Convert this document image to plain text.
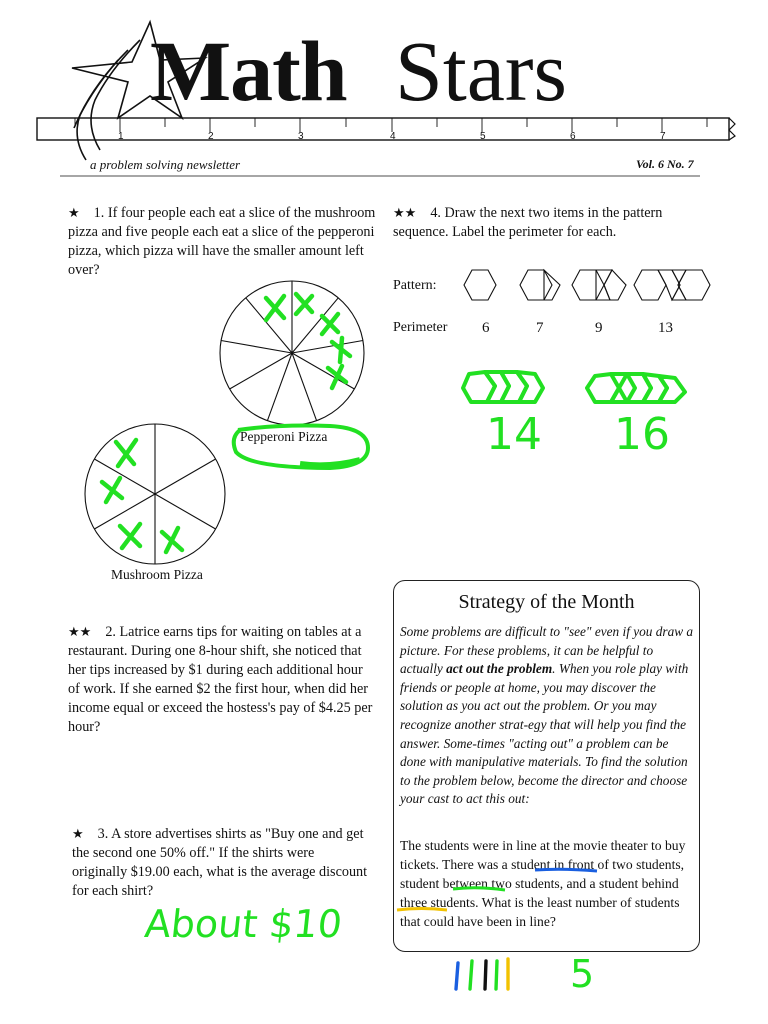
1	2	3	4	5	6	7
Math Stars
a problem solving newsletter	Vol. 6 No. 7
★ 1. If four people each eat a slice of the mushroom pizza and five people each eat a slice of the pepperoni pizza, which pizza will have the smaller amount left over?
Pepperoni Pizza
Mushroom Pizza
★★ 4. Draw the next two items in the pattern sequence. Label the perimeter for each.
Pattern:
Perimeter 6	7	9	13
14 16
★★ 2. Latrice earns tips for waiting on tables at a restaurant. During one 8-hour shift, she noticed that her tips increased by $1 during each additional hour of work. If she earned $2 the first hour, when did her income equal or exceed the hostess's pay of $4.25 per hour?
★ 3. A store advertises shirts as "Buy one and get the second one 50% off." If the shirts were originally $19.00 each, what is the average discount for each shirt?
About $10
Strategy of the Month
Some problems are difficult to "see" even if you draw a picture. For these problems, it can be helpful to actually act out the problem. When you role play with friends or people at home, you may discover the solution as you act out the problem. Or you may recognize another strat-egy that will help you find the answer. Some-times "acting out" a problem can be done with manipulative materials. To find the solution to the problem below, become the director and choose your cast to act this out:
The students were in line at the movie theater to buy tickets. There was a student in front of two students, student between two students, and a student behind three students. What is the least number of students that could have been in line?
5
